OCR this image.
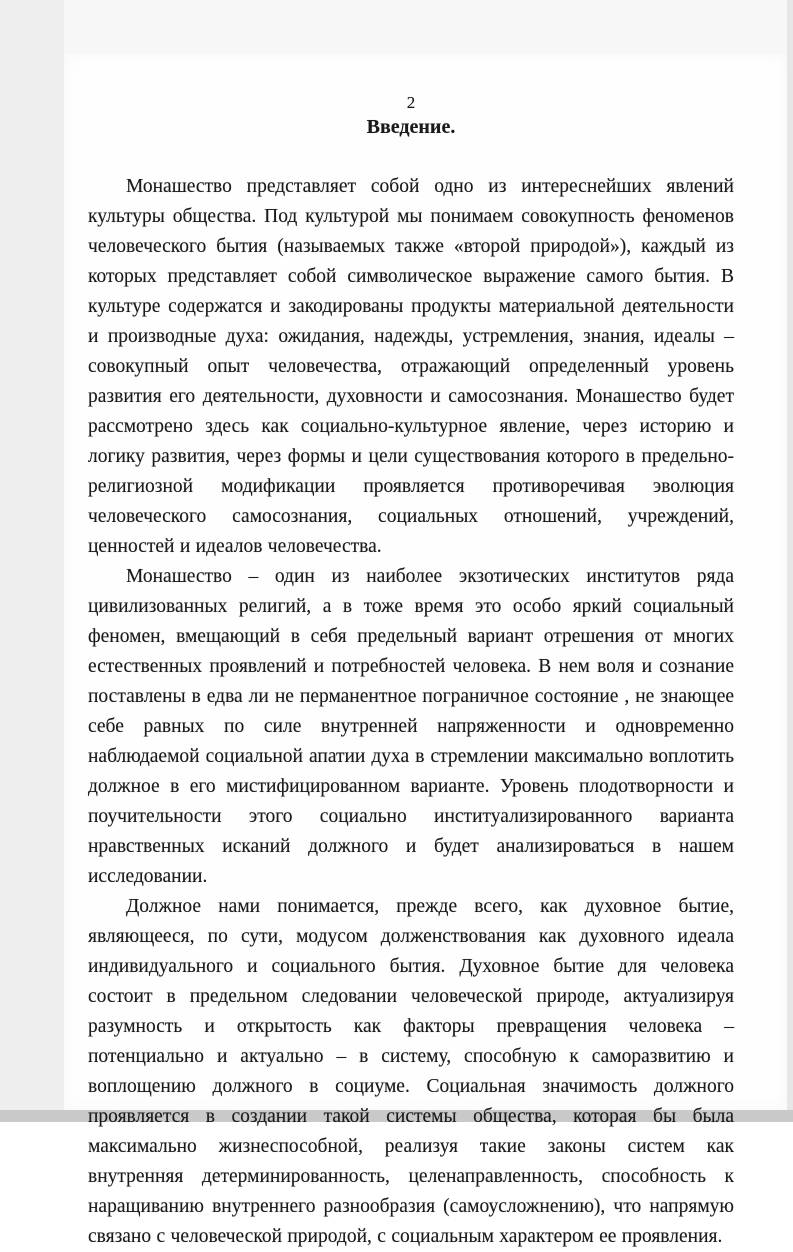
2
Введение.

Монашество представляет собой одно из интереснейших явлений культуры общества. Под культурой мы понимаем совокупность феноменов человеческого бытия (называемых также «второй природой»), каждый из которых представляет собой символическое выражение самого бытия. В культуре содержатся и закодированы продукты материальной деятельности и производные духа: ожидания, надежды, устремления, знания, идеалы – совокупный опыт человечества, отражающий определенный уровень развития его деятельности, духовности и самосознания. Монашество будет рассмотрено здесь как социально-культурное явление, через историю и логику развития, через формы и цели существования которого в предельно-религиозной модификации проявляется противоречивая эволюция человеческого самосознания, социальных отношений, учреждений, ценностей и идеалов человечества.

Монашество – один из наиболее экзотических институтов ряда цивилизованных религий, а в тоже время это особо яркий социальный феномен, вмещающий в себя предельный вариант отрешения от многих естественных проявлений и потребностей человека. В нем воля и сознание поставлены в едва ли не перманентное пограничное состояние , не знающее себе равных по силе внутренней напряженности и одновременно наблюдаемой социальной апатии духа в стремлении максимально воплотить должное в его мистифицированном варианте. Уровень плодотворности и поучительности этого социально институализированного варианта нравственных исканий должного и будет анализироваться в нашем исследовании.

Должное нами понимается, прежде всего, как духовное бытие, являющееся, по сути, модусом долженствования как духовного идеала индивидуального и социального бытия. Духовное бытие для человека состоит в предельном следовании человеческой природе, актуализируя разумность и открытость как факторы превращения человека – потенциально и актуально – в систему, способную к саморазвитию и воплощению должного в социуме. Социальная значимость должного проявляется в создании такой системы общества, которая бы была максимально жизнеспособной, реализуя такие законы систем как внутренняя детерминированность, целенаправленность, способность к наращиванию внутреннего разнообразия (самоусложнению), что напрямую связано с человеческой природой, с социальным характером ее проявления.
